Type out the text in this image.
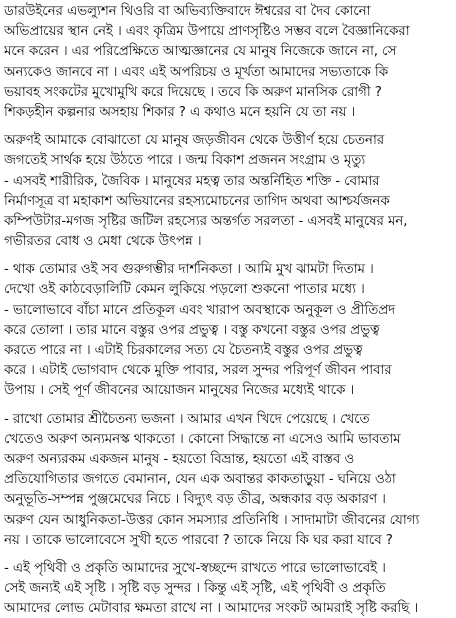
ডারউইনের এভল্যুশন থিওরি বা অভিব্যক্তিবাদে ঈশ্বরের বা দৈব কোনো
অভিপ্রায়ের স্থান নেই । এবং কৃত্রিম উপায়ে প্রাণসৃষ্টিও সম্ভব বলে বৈজ্ঞানিকেরা
মনে করেন । এর পরিপ্রেক্ষিতে আত্মজ্ঞানের যে মানুষ নিজেকে জানে না, সে
অন্যকেও জানবে না । এবং এই অপরিচয় ও মূর্খতা আমাদের সভ্যতাকে কি
ভয়াবহ সংকটের মুখোমুখি করে দিয়েছে । তবে কি অরুণ মানসিক রোগী ?
শিকড়হীন কল্পনার অসহায় শিকার ? এ কথাও মনে হয়নি যে তা নয় ।
অরুণই আমাকে বোঝাতো যে মানুষ জড়জীবন থেকে উত্তীর্ণ হয়ে চেতনার
জগতেই সার্থক হয়ে উঠতে পারে । জন্ম বিকাশ প্রজনন সংগ্রাম ও মৃত্যু
- এসবই শারীরিক, জৈবিক । মানুষের মহত্ব তার অন্তর্নিহিত শক্তি - বোমার
নির্মাণসূত্র বা মহাকাশ অভিযানের রহস্যমোচনের তাগিদ অথবা আশ্চর্যজনক
কম্পিউটার-মগজ সৃষ্টির জটিল রহস্যের অন্তর্গত সরলতা - এসবই মানুষের মন,
গভীরতর বোধ ও মেধা থেকে উৎপন্ন ।
- থাক তোমার ওই সব গুরুগম্ভীর দার্শনিকতা । আমি মুখ ঝামটা দিতাম ।
দেখো ওই কাঠবেড়ালিটি কেমন লুকিয়ে পড়লো শুকনো পাতার মধ্যে ।
- ভালোভাবে বাঁচা মানে প্রতিকূল এবং খারাপ অবস্থাকে অনুকূল ও প্রীতিপ্রদ
করে তোলা । তার মানে বস্তুর ওপর প্রভুত্ব । বস্তু কখনো বস্তুর ওপর প্রভুত্ব
করতে পারে না । এটাই চিরকালের সত্য যে চৈতন্যই বস্তুর ওপর প্রভুত্ব
করে । এটাই ভোগবাদ থেকে মুক্তি পাবার, সরল সুন্দর পরিপূর্ণ জীবন পাবার
উপায় । সেই পূর্ণ জীবনের আয়োজন মানুষের নিজের মধ্যেই থাকে ।
- রাখো তোমার শ্রীচৈতন্য ভজনা । আমার এখন খিদে পেয়েছে । খেতে
খেতেও অরুণ অন্যমনস্ক থাকতো । কোনো সিদ্ধান্তে না এসেও আমি ভাবতাম
অরুণ অন্যরকম একজন মানুষ - হয়তো বিভ্রান্ত, হয়তো এই বাস্তব ও
প্রতিযোগিতার জগতে বেমানান, যেন এক অবান্তর কাকতাড়ুয়া - ঘনিয়ে ওঠা
অনুভূতি-সম্পন্ন পুঞ্জমেঘের নিচে । বিদ্যুৎ বড় তীব্র, অন্ধকার বড় অকারণ ।
অরুণ যেন আধুনিকতা-উত্তর কোন সমস্যার প্রতিনিধি । সাদামাটা জীবনের যোগ্য
নয় । তাকে ভালোবেসে সুখী হতে পারবো ? তাকে নিয়ে কি ঘর করা যাবে ?
- এই পৃথিবী ও প্রকৃতি আমাদের সুখে-স্বচ্ছন্দে রাখতে পারে ভালোভাবেই ।
সেই জন্যই এই সৃষ্টি । সৃষ্টি বড় সুন্দর । কিন্তু এই সৃষ্টি, এই পৃথিবী ও প্রকৃতি
আমাদের লোভ মেটাবার ক্ষমতা রাখে না । আমাদের সংকট আমরাই সৃষ্টি করছি ।
